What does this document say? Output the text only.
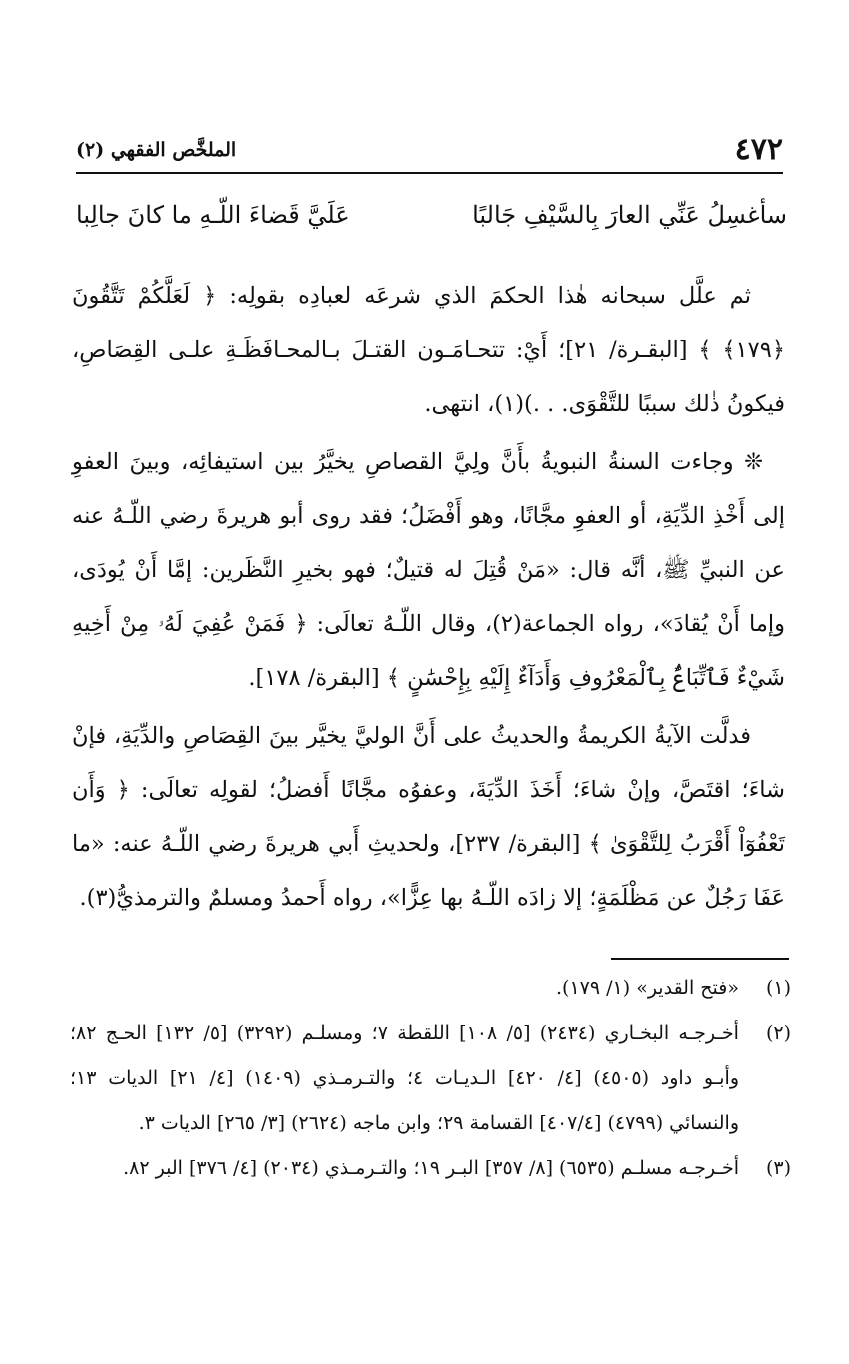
٤٧٢
الملخَّص الفقهي (٢)
سأغسِلُ عَنِّي العارَ بِالسَّيْفِ جَالبًا
عَلَيَّ قَضاءَ اللّـهِ ما كانَ جالِبا

ثم علَّل سبحانه هٰذا الحكمَ الذي شرعَه لعبادِه بقولِه: ﴿ لَعَلَّكُمْ تَتَّقُونَ ﴿١٧٩﴾ ﴾ [البقـرة/ ٢١]؛ أَيْ: تتحـامَـون القتـلَ بـالمحـافَظَـةِ علـى القِصَاصِ، فيكونُ ذٰلك سببًا للتَّقْوَى. . .)(١)، انتهى.

❊ وجاءت السنةُ النبويةُ بأَنَّ ولِيَّ القصاصِ يخيَّرُ بين استيفائِه، وبينَ العفوِ إلى أَخْذِ الدِّيَةِ، أو العفوِ مجَّانًا، وهو أَفْضَلُ؛ فقد روى أبو هريرةَ رضي اللّـهُ عنه عن النبيِّ ﷺ، أنَّه قال: «مَنْ قُتِلَ له قتيلٌ؛ فهو بخيرِ النَّظَرين: إمَّا أَنْ يُودَى، وإما أَنْ يُقادَ»، رواه الجماعة(٢)، وقال اللّـهُ تعالَى: ﴿ فَمَنْ عُفِيَ لَهُۥ مِنْ أَخِيهِ شَيْءٌ فَٱتِّبَاعٌۢ بِٱلْمَعْرُوفِ وَأَدَآءٌ إِلَيْهِ بِإِحْسَٰنٍ ﴾ [البقرة/ ١٧٨].

فدلَّت الآيةُ الكريمةُ والحديثُ على أَنَّ الوليَّ يخيَّر بينَ القِصَاصِ والدِّيَةِ، فإنْ شاءَ؛ اقتَصَّ، وإنْ شاءَ؛ أَخَذَ الدِّيَةَ، وعفوُه مجَّانًا أَفضلُ؛ لقولِه تعالَى: ﴿ وَأَن تَعْفُوٓاْ أَقْرَبُ لِلتَّقْوَىٰ ﴾ [البقرة/ ٢٣٧]، ولحديثِ أَبي هريرةَ رضي اللّـهُ عنه: «ما عَفَا رَجُلٌ عن مَظْلَمَةٍ؛ إلا زادَه اللّـهُ بها عِزًّا»، رواه أَحمدُ ومسلمٌ والترمذيُّ(٣).

(١)
«فتح القدير» (١/ ١٧٩).
(٢)
أخـرجـه البخـاري (٢٤٣٤) [٥/ ١٠٨] اللقطة ٧؛ ومسلـم (٣٢٩٢) [٥/ ١٣٢] الحـج ٨٢؛ وأبـو داود (٤٥٠٥) [٤/ ٤٢٠] الـديـات ٤؛ والتـرمـذي (١٤٠٩) [٤/ ٢١] الديات ١٣؛ والنسائي (٤٧٩٩) [٤٠٧/٤] القسامة ٢٩؛ وابن ماجه (٢٦٢٤) [٣/ ٢٦٥] الديات ٣.
(٣)
أخـرجـه مسلـم (٦٥٣٥) [٨/ ٣٥٧] البـر ١٩؛ والتـرمـذي (٢٠٣٤) [٤/ ٣٧٦] البر ٨٢.
